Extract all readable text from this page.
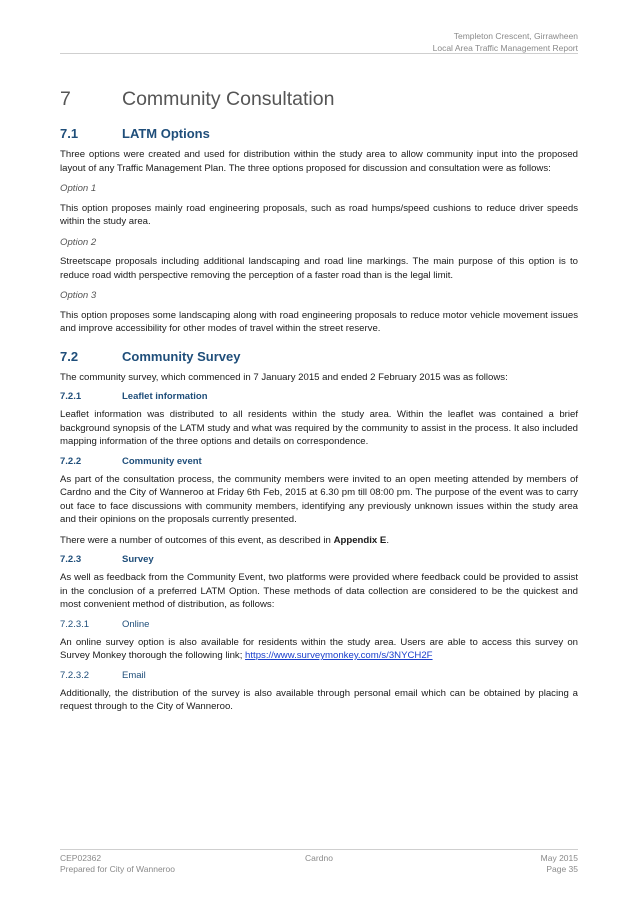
Templeton Crescent, Girrawheen
Local Area Traffic Management Report
7	Community Consultation
7.1	LATM Options

Three options were created and used for distribution within the study area to allow community input into the proposed layout of any Traffic Management Plan. The three options proposed for discussion and consultation were as follows:

Option 1

This option proposes mainly road engineering proposals, such as road humps/speed cushions to reduce driver speeds within the study area.

Option 2

Streetscape proposals including additional landscaping and road line markings. The main purpose of this option is to reduce road width perspective removing the perception of a faster road than is the legal limit.

Option 3

This option proposes some landscaping along with road engineering proposals to reduce motor vehicle movement issues and improve accessibility for other modes of travel within the street reserve.

7.2	Community Survey

The community survey, which commenced in 7 January 2015 and ended 2 February 2015 was as follows:

7.2.1	Leaflet information

Leaflet information was distributed to all residents within the study area. Within the leaflet was contained a brief background synopsis of the LATM study and what was required by the community to assist in the process. It also included mapping information of the three options and details on correspondence.

7.2.2	Community event

As part of the consultation process, the community members were invited to an open meeting attended by members of Cardno and the City of Wanneroo at Friday 6th Feb, 2015 at 6.30 pm till 08:00 pm. The purpose of the event was to carry out face to face discussions with community members, identifying any previously unknown issues within the study area and their opinions on the proposals currently presented.

There were a number of outcomes of this event, as described in Appendix E.

7.2.3	Survey

As well as feedback from the Community Event, two platforms were provided where feedback could be provided to assist in the conclusion of a preferred LATM Option. These methods of data collection are considered to be the quickest and most convenient method of distribution, as follows:

7.2.3.1	Online

An online survey option is also available for residents within the study area. Users are able to access this survey on Survey Monkey thorough the following link; https://www.surveymonkey.com/s/3NYCH2F

7.2.3.2	Email

Additionally, the distribution of the survey is also available through personal email which can be obtained by placing a request through to the City of Wanneroo.

CEP02362
Prepared for City of Wanneroo
Cardno	May 2015
Page 35
